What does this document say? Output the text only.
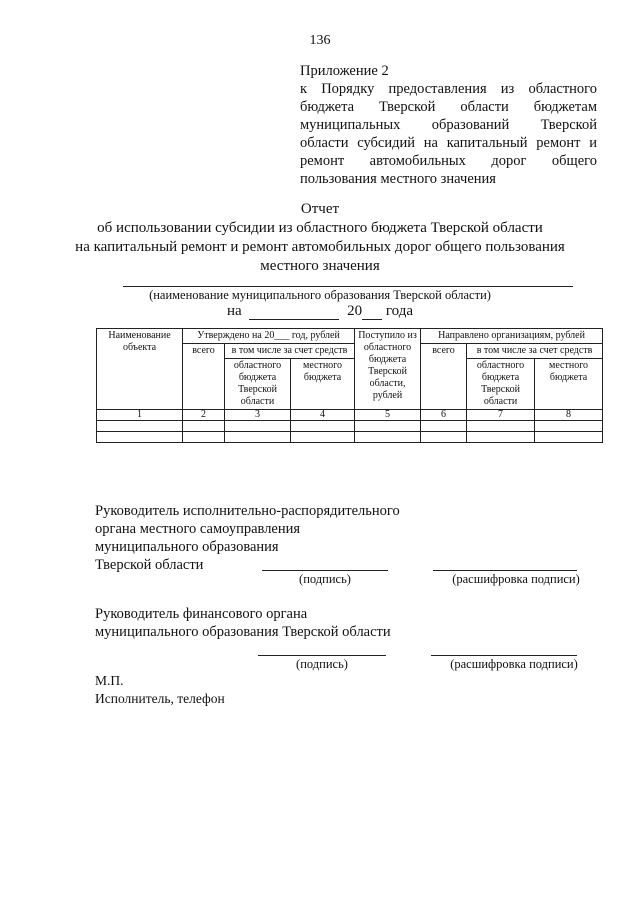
136
Приложение 2
к Порядку предоставления из областного
бюджета Тверской области бюджетам
муниципальных образований Тверской
области субсидий на капитальный ремонт и
ремонт автомобильных дорог общего
пользования местного значения
Отчет
об использовании субсидии из областного бюджета Тверской области
на капитальный ремонт и ремонт автомобильных дорог общего пользования
местного значения
(наименование муниципального образования Тверской области)
на	20 года
Наименование объекта	Утверждено на 20___ год, рублей			Поступило из областного бюджета Тверской области, рублей	Направлено организациям, рублей		
	всего	в том числе за счет средств			всего	в том числе за счет средств	
		областного бюджета Тверской области	местного бюджета			областного бюджета Тверской области	местного бюджета
1	2	3	4	5	6	7	8

Руководитель исполнительно-распорядительного
органа местного самоуправления
муниципального образования
Тверской области
(подпись)	(расшифровка подписи)
Руководитель финансового органа
муниципального образования Тверской области
(подпись)	(расшифровка подписи)
М.П.
Исполнитель, телефон
